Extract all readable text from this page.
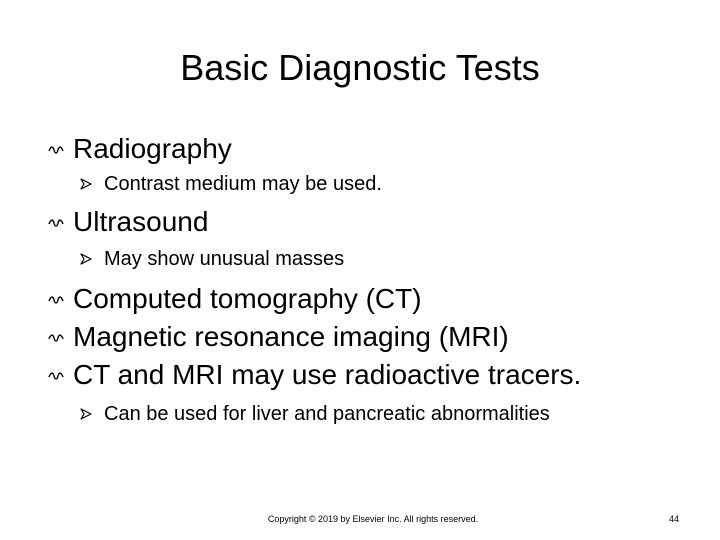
Basic Diagnostic Tests
Radiography
Contrast medium may be used.
Ultrasound
May show unusual masses
Computed tomography (CT)
Magnetic resonance imaging (MRI)
CT and MRI may use radioactive tracers.
Can be used for liver and pancreatic abnormalities
Copyright © 2019 by Elsevier Inc. All rights reserved.	44
